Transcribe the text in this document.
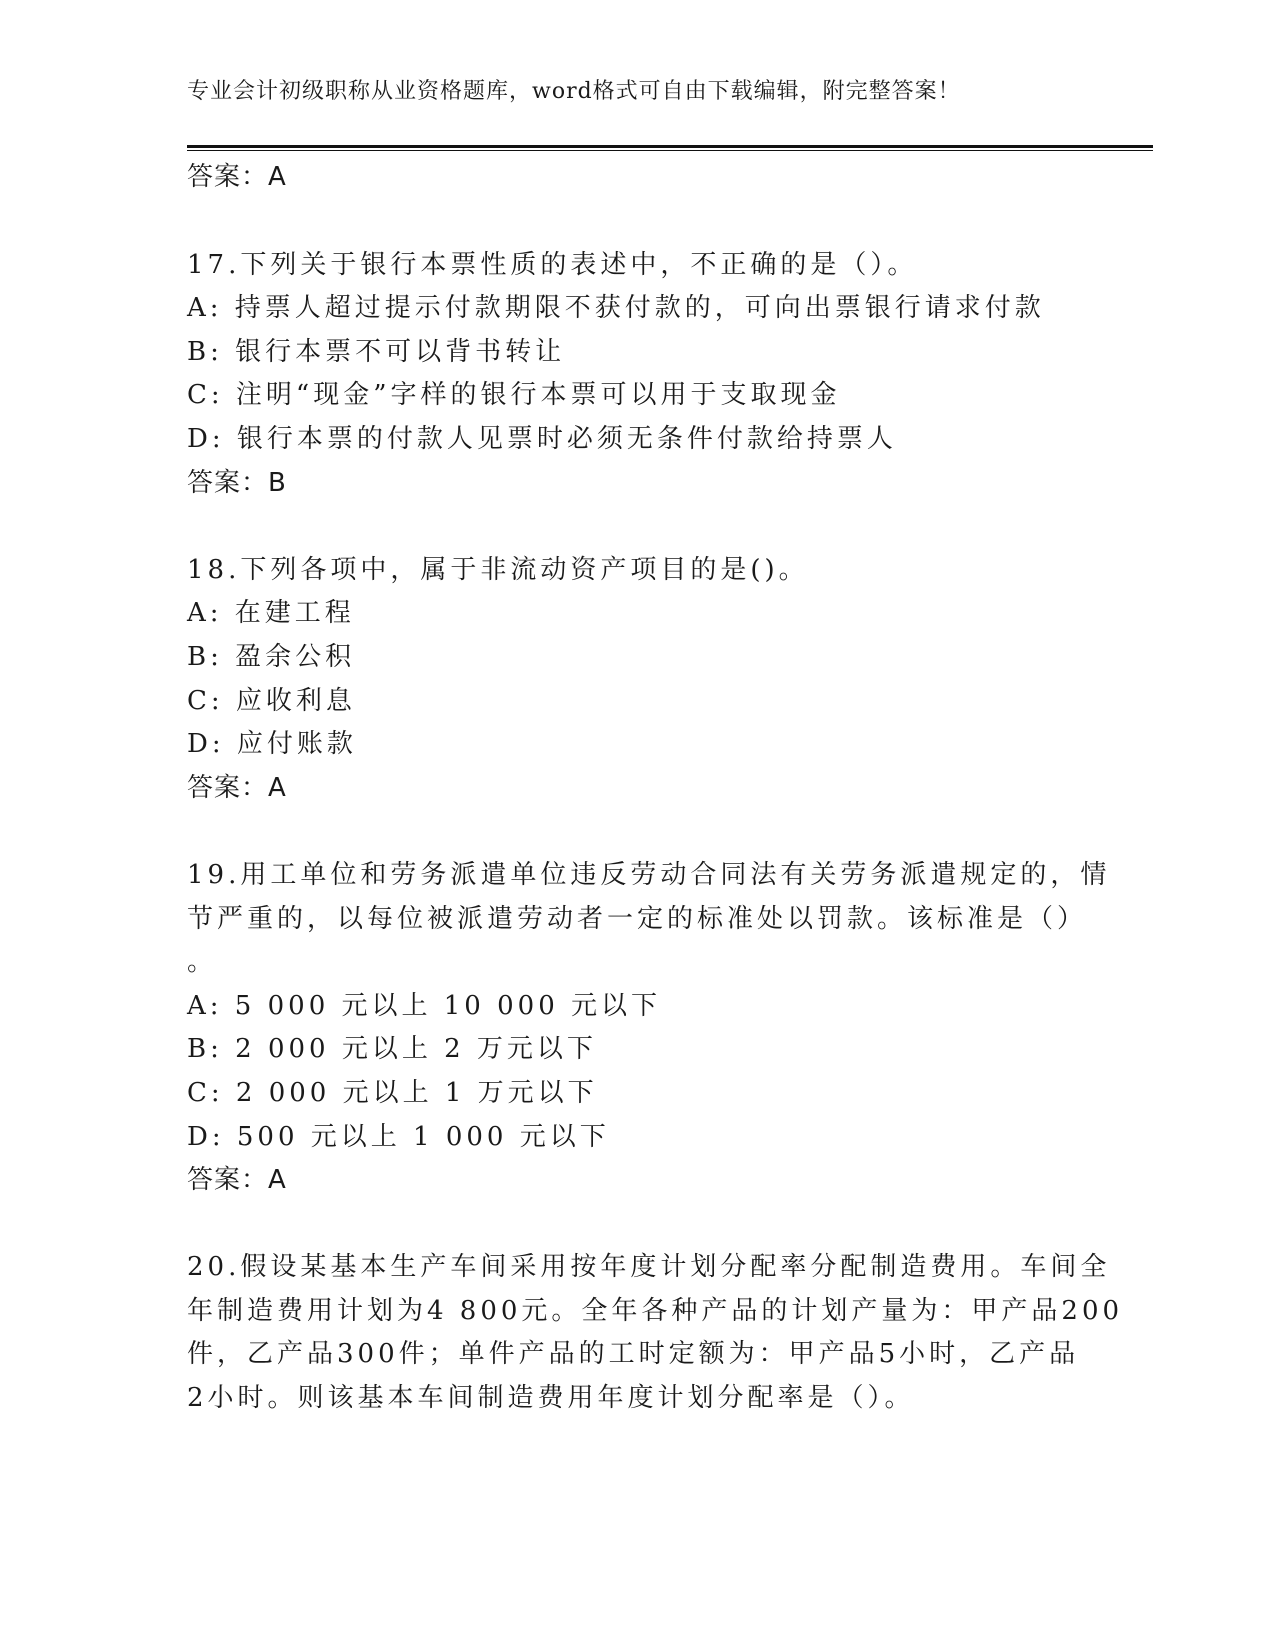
专业会计初级职称从业资格题库，word格式可自由下载编辑，附完整答案！
答案：A
17.下列关于银行本票性质的表述中，不正确的是（）。
A: 持票人超过提示付款期限不获付款的，可向出票银行请求付款
B: 银行本票不可以背书转让
C: 注明“现金”字样的银行本票可以用于支取现金
D: 银行本票的付款人见票时必须无条件付款给持票人
答案：B
18.下列各项中，属于非流动资产项目的是()。
A: 在建工程
B: 盈余公积
C: 应收利息
D: 应付账款
答案：A
19.用工单位和劳务派遣单位违反劳动合同法有关劳务派遣规定的，情
节严重的，以每位被派遣劳动者一定的标准处以罚款。该标准是（）
。
A: 5 000 元以上 10 000 元以下
B: 2 000 元以上 2 万元以下
C: 2 000 元以上 1 万元以下
D: 500 元以上 1 000 元以下
答案：A
20.假设某基本生产车间采用按年度计划分配率分配制造费用。车间全
年制造费用计划为4 800元。全年各种产品的计划产量为：甲产品200
件，乙产品300件；单件产品的工时定额为：甲产品5小时，乙产品
2小时。则该基本车间制造费用年度计划分配率是（）。
